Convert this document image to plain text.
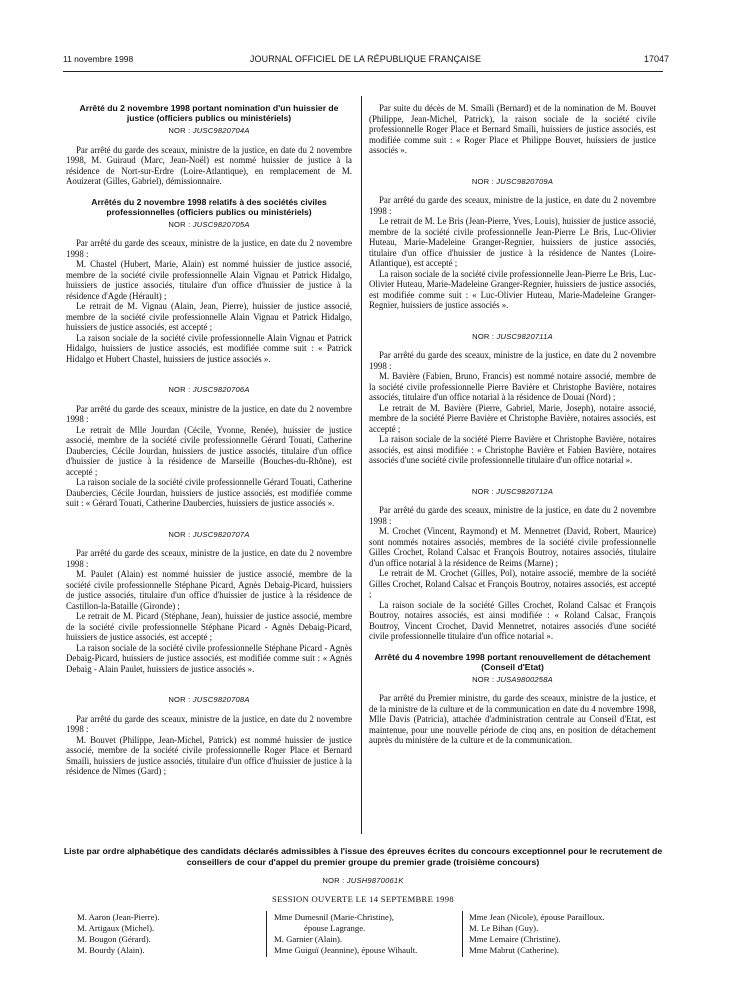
11 novembre 1998	JOURNAL OFFICIEL DE LA RÉPUBLIQUE FRANÇAISE	17047
Arrêté du 2 novembre 1998 portant nomination d'un huissier de justice (officiers publics ou ministériels)
NOR : JUSC9820704A

Par arrêté du garde des sceaux, ministre de la justice, en date du 2 novembre 1998, M. Guiraud (Marc, Jean-Noël) est nommé huissier de justice à la résidence de Nort-sur-Erdre (Loire-Atlantique), en remplacement de M. Aouizerat (Gilles, Gabriel), démissionnaire.

Arrêtés du 2 novembre 1998 relatifs à des sociétés civiles professionnelles (officiers publics ou ministériels)
NOR : JUSC9820705A

Par arrêté du garde des sceaux, ministre de la justice, en date du 2 novembre 1998 :

M. Chastel (Hubert, Marie, Alain) est nommé huissier de justice associé, membre de la société civile professionnelle Alain Vignau et Patrick Hidalgo, huissiers de justice associés, titulaire d'un office d'huissier de justice à la résidence d'Agde (Hérault) ;

Le retrait de M. Vignau (Alain, Jean, Pierre), huissier de justice associé, membre de la société civile professionnelle Alain Vignau et Patrick Hidalgo, huissiers de justice associés, est accepté ;

La raison sociale de la société civile professionnelle Alain Vignau et Patrick Hidalgo, huissiers de justice associés, est modifiée comme suit : « Patrick Hidalgo et Hubert Chastel, huissiers de justice associés ».

NOR : JUSC9820706A

Par arrêté du garde des sceaux, ministre de la justice, en date du 2 novembre 1998 :

Le retrait de Mlle Jourdan (Cécile, Yvonne, Renée), huissier de justice associé, membre de la société civile professionnelle Gérard Touati, Catherine Daubercies, Cécile Jourdan, huissiers de justice associés, titulaire d'un office d'huissier de justice à la résidence de Marseille (Bouches-du-Rhône), est accepté ;

La raison sociale de la société civile professionnelle Gérard Touati, Catherine Daubercies, Cécile Jourdan, huissiers de justice associés, est modifiée comme suit : « Gérard Touati, Catherine Daubercies, huissiers de justice associés ».

NOR : JUSC9820707A

Par arrêté du garde des sceaux, ministre de la justice, en date du 2 novembre 1998 :

M. Paulet (Alain) est nommé huissier de justice associé, membre de la société civile professionnelle Stéphane Picard, Agnès Debaig-Picard, huissiers de justice associés, titulaire d'un office d'huissier de justice à la résidence de Castillon-la-Bataille (Gironde) ;

Le retrait de M. Picard (Stéphane, Jean), huissier de justice associé, membre de la société civile professionnelle Stéphane Picard - Agnès Debaig-Picard, huissiers de justice associés, est accepté ;

La raison sociale de la société civile professionnelle Stéphane Picard - Agnès Debaig-Picard, huissiers de justice associés, est modifiée comme suit : « Agnès Debaig - Alain Paulet, huissiers de justice associés ».

NOR : JUSC9820708A

Par arrêté du garde des sceaux, ministre de la justice, en date du 2 novembre 1998 :

M. Bouvet (Philippe, Jean-Michel, Patrick) est nommé huissier de justice associé, membre de la société civile professionnelle Roger Place et Bernard Smaïli, huissiers de justice associés, titulaire d'un office d'huissier de justice à la résidence de Nîmes (Gard) ;

Par suite du décès de M. Smaïli (Bernard) et de la nomination de M. Bouvet (Philippe, Jean-Michel, Patrick), la raison sociale de la société civile professionnelle Roger Place et Bernard Smaïli, huissiers de justice associés, est modifiée comme suit : « Roger Place et Philippe Bouvet, huissiers de justice associés ».

NOR : JUSC9820709A

Par arrêté du garde des sceaux, ministre de la justice, en date du 2 novembre 1998 :

Le retrait de M. Le Bris (Jean-Pierre, Yves, Louis), huissier de justice associé, membre de la société civile professionnelle Jean-Pierre Le Bris, Luc-Olivier Huteau, Marie-Madeleine Granger-Regnier, huissiers de justice associés, titulaire d'un office d'huissier de justice à la résidence de Nantes (Loire-Atlantique), est accepté ;

La raison sociale de la société civile professionnelle Jean-Pierre Le Bris, Luc-Olivier Huteau, Marie-Madeleine Granger-Regnier, huissiers de justice associés, est modifiée comme suit : « Luc-Olivier Huteau, Marie-Madeleine Granger-Regnier, huissiers de justice associés ».

NOR : JUSC9820711A

Par arrêté du garde des sceaux, ministre de la justice, en date du 2 novembre 1998 :

M. Bavière (Fabien, Bruno, Francis) est nommé notaire associé, membre de la société civile professionnelle Pierre Bavière et Christophe Bavière, notaires associés, titulaire d'un office notarial à la résidence de Douai (Nord) ;

Le retrait de M. Bavière (Pierre, Gabriel, Marie, Joseph), notaire associé, membre de la société Pierre Bavière et Christophe Bavière, notaires associés, est accepté ;

La raison sociale de la société Pierre Bavière et Christophe Bavière, notaires associés, est ainsi modifiée : « Christophe Bavière et Fabien Bavière, notaires associés d'une société civile professionnelle titulaire d'un office notarial ».

NOR : JUSC9820712A

Par arrêté du garde des sceaux, ministre de la justice, en date du 2 novembre 1998 :

M. Crochet (Vincent, Raymond) et M. Mennetret (David, Robert, Maurice) sont nommés notaires associés, membres de la société civile professionnelle Gilles Crochet, Roland Calsac et François Boutroy, notaires associés, titulaire d'un office notarial à la résidence de Reims (Marne) ;

Le retrait de M. Crochet (Gilles, Pol), notaire associé, membre de la société Gilles Crochet, Roland Calsac et François Boutroy, notaires associés, est accepté ;

La raison sociale de la société Gilles Crochet, Roland Calsac et François Boutroy, notaires associés, est ainsi modifiée : « Roland Calsac, François Boutroy, Vincent Crochet, David Mennetret, notaires associés d'une société civile professionnelle titulaire d'un office notarial ».

Arrêté du 4 novembre 1998 portant renouvellement de détachement (Conseil d'Etat)
NOR : JUSA9800258A

Par arrêté du Premier ministre, du garde des sceaux, ministre de la justice, et de la ministre de la culture et de la communication en date du 4 novembre 1998, Mlle Davis (Patricia), attachée d'administration centrale au Conseil d'Etat, est maintenue, pour une nouvelle période de cinq ans, en position de détachement auprès du ministère de la culture et de la communication.

Liste par ordre alphabétique des candidats déclarés admissibles à l'issue des épreuves écrites du concours exceptionnel pour le recrutement de conseillers de cour d'appel du premier groupe du premier grade (troisième concours)
NOR : JUSH9870061K
SESSION OUVERTE LE 14 SEPTEMBRE 1998
M. Aaron (Jean-Pierre).
M. Artigaux (Michel).
M. Bougon (Gérard).
M. Bourdy (Alain).
Mme Dumesnil (Marie-Christine),
épouse Lagrange.
M. Garnier (Alain).
Mme Guiguï (Jeannine), épouse Wihault.
Mme Jean (Nicole), épouse Parailloux.
M. Le Bihan (Guy).
Mme Lemaire (Christine).
Mme Mabrut (Catherine).
